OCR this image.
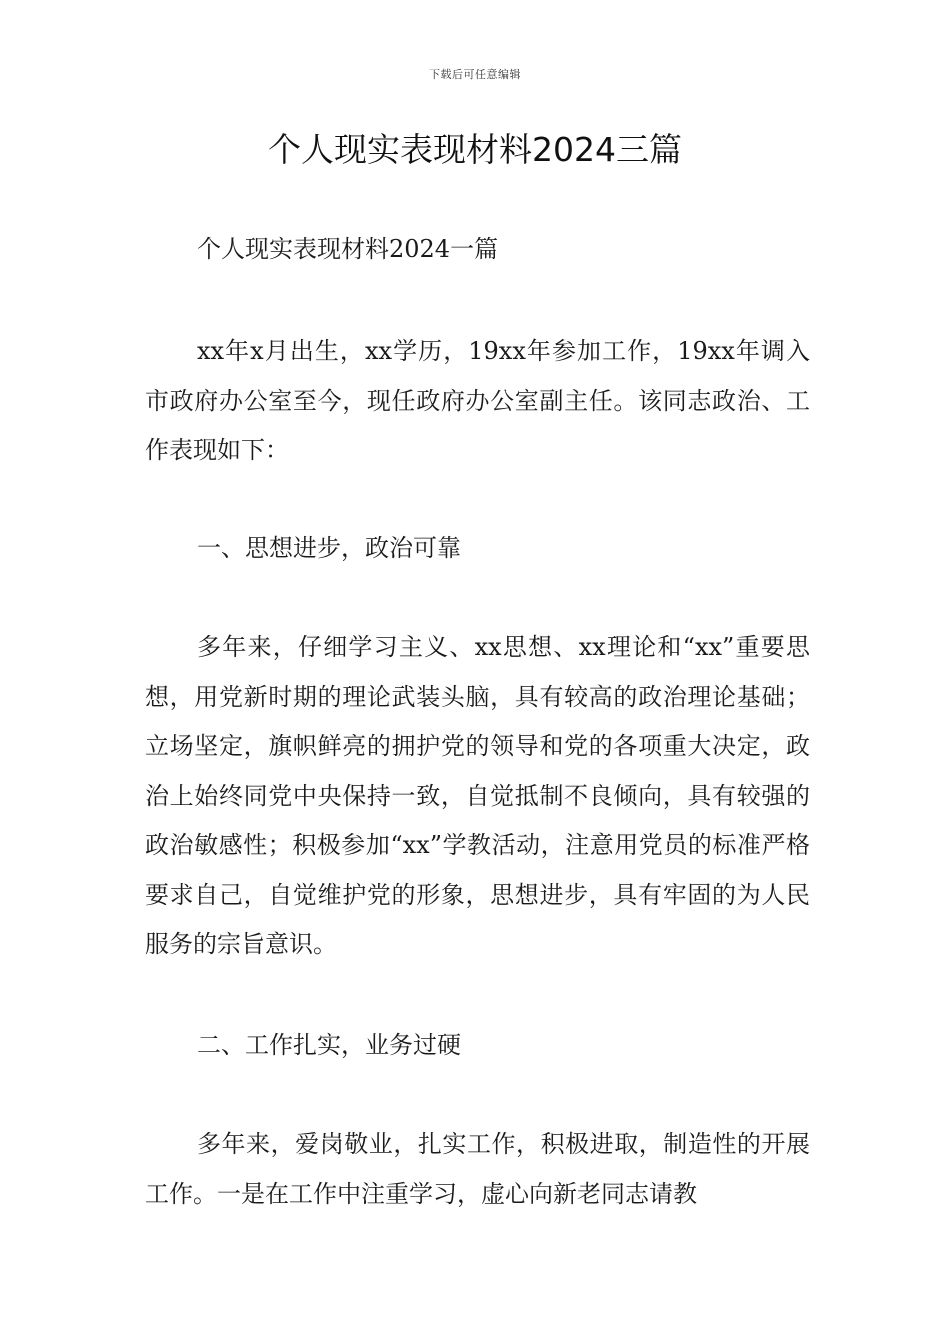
下载后可任意编辑
个人现实表现材料2024三篇

个人现实表现材料2024一篇

xx年x月出生，xx学历，19xx年参加工作，19xx年调入市政府办公室至今，现任政府办公室副主任。该同志政治、工作表现如下：

一、思想进步，政治可靠

多年来，仔细学习主义、xx思想、xx理论和“xx”重要思想，用党新时期的理论武装头脑，具有较高的政治理论基础；立场坚定，旗帜鲜亮的拥护党的领导和党的各项重大决定，政治上始终同党中央保持一致，自觉抵制不良倾向，具有较强的政治敏感性；积极参加“xx”学教活动，注意用党员的标准严格要求自己，自觉维护党的形象，思想进步，具有牢固的为人民服务的宗旨意识。

二、工作扎实，业务过硬

多年来，爱岗敬业，扎实工作，积极进取，制造性的开展工作。一是在工作中注重学习，虚心向新老同志请教
